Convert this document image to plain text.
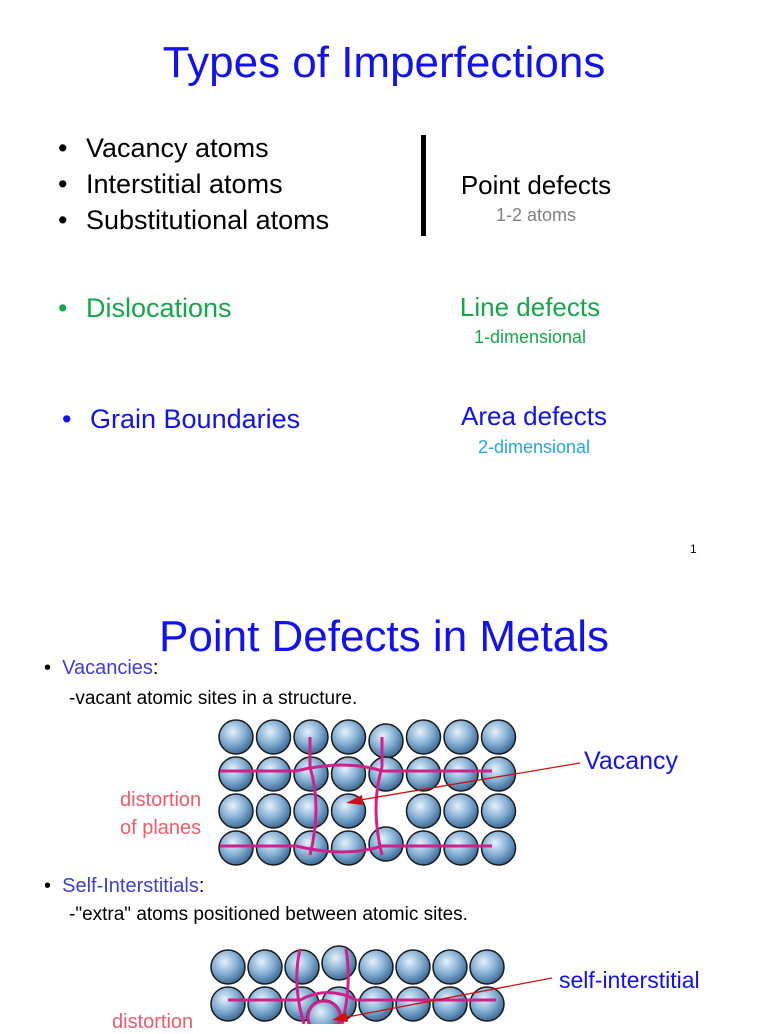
Types of Imperfections
• Vacancy atoms
• Interstitial atoms
• Substitutional atoms
Point defects
1-2 atoms
• Dislocations	Line defects
1-dimensional
• Grain Boundaries	Area defects
2-dimensional
1
Point Defects in Metals
•  Vacancies:
-vacant atomic sites in a structure.
Vacancy
distortion
of planes
•  Self-Interstitials:
-"extra" atoms positioned between atomic sites.
self-interstitial
distortion
